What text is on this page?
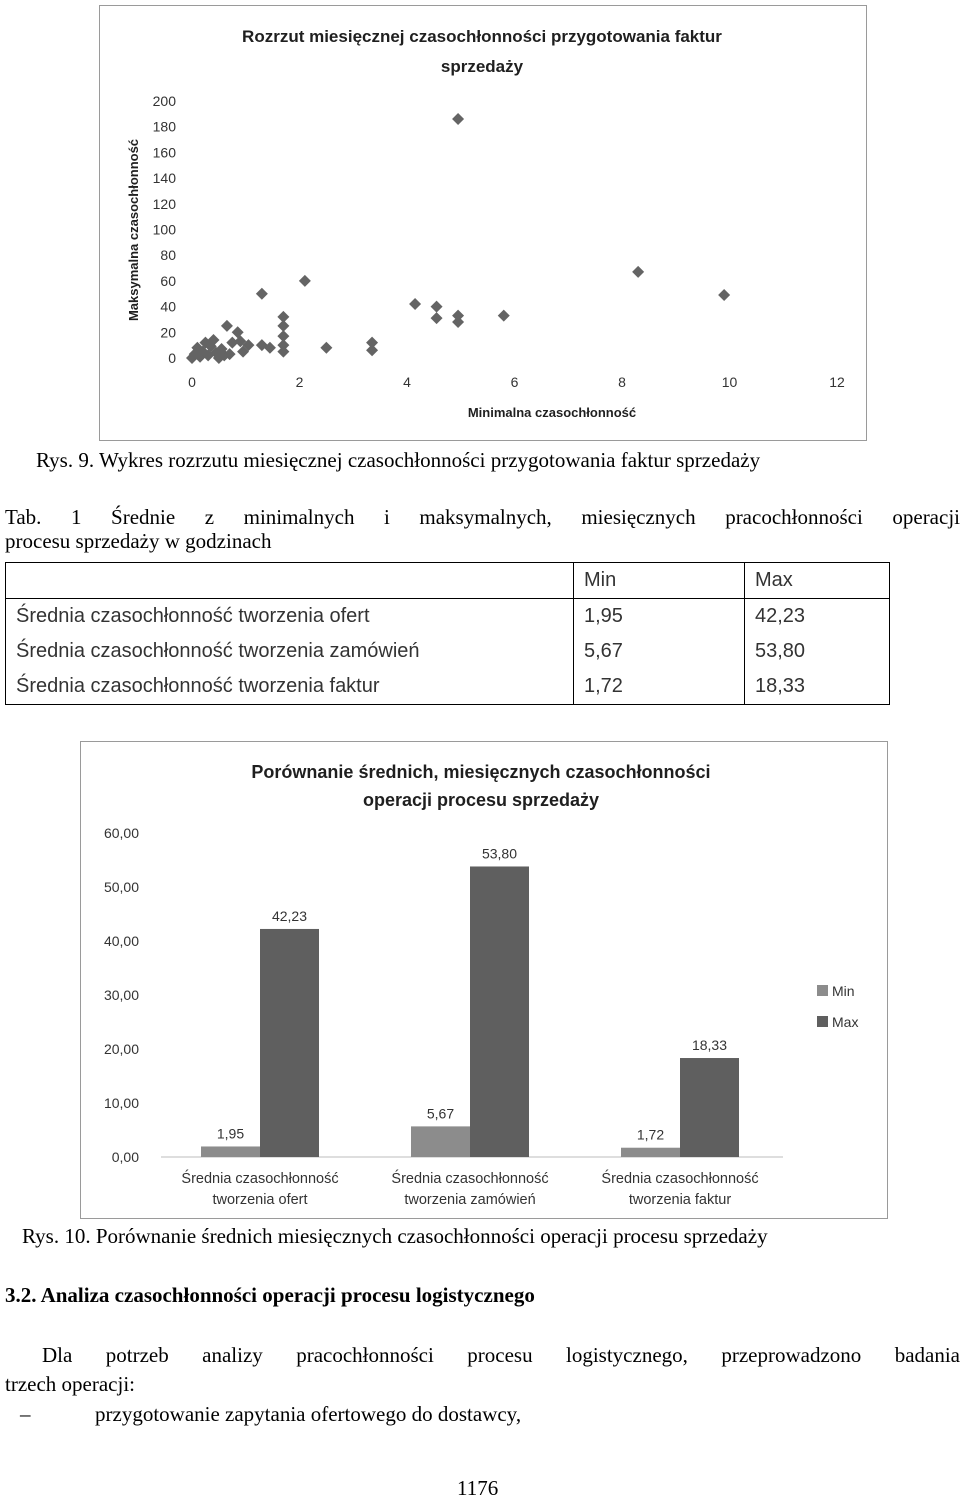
Rozrzut miesięcznej czasochłonności przygotowania faktur
sprzedaży
Maksymalna czasochłonność
Minimalna czasochłonność
0
20
40
60
80
100
120
140
160
180
200
0	2	4	6	8	10	12
Rys. 9. Wykres rozrzutu miesięcznej czasochłonności przygotowania faktur sprzedaży
Tab. 1 Średnie z minimalnych i maksymalnych, miesięcznych pracochłonności operacji
procesu sprzedaży w godzinach
	Min	Max
Średnia czasochłonność tworzenia ofert	1,95	42,23
Średnia czasochłonność tworzenia zamówień	5,67	53,80
Średnia czasochłonność tworzenia faktur	1,72	18,33
Porównanie średnich, miesięcznych czasochłonności
operacji procesu sprzedaży
0,00
10,00
20,00
30,00
40,00
50,00
60,00
1,95
5,67
1,72
42,23
53,80
18,33
Średnia czasochłonność
tworzenia ofert
Średnia czasochłonność
tworzenia zamówień
Średnia czasochłonność
tworzenia faktur
Min
Max
Rys. 10. Porównanie średnich miesięcznych czasochłonności operacji procesu sprzedaży
3.2. Analiza czasochłonności operacji procesu logistycznego
Dla potrzeb analizy pracochłonności procesu logistycznego, przeprowadzono badania
trzech operacji:
–	przygotowanie zapytania ofertowego do dostawcy,
1176
